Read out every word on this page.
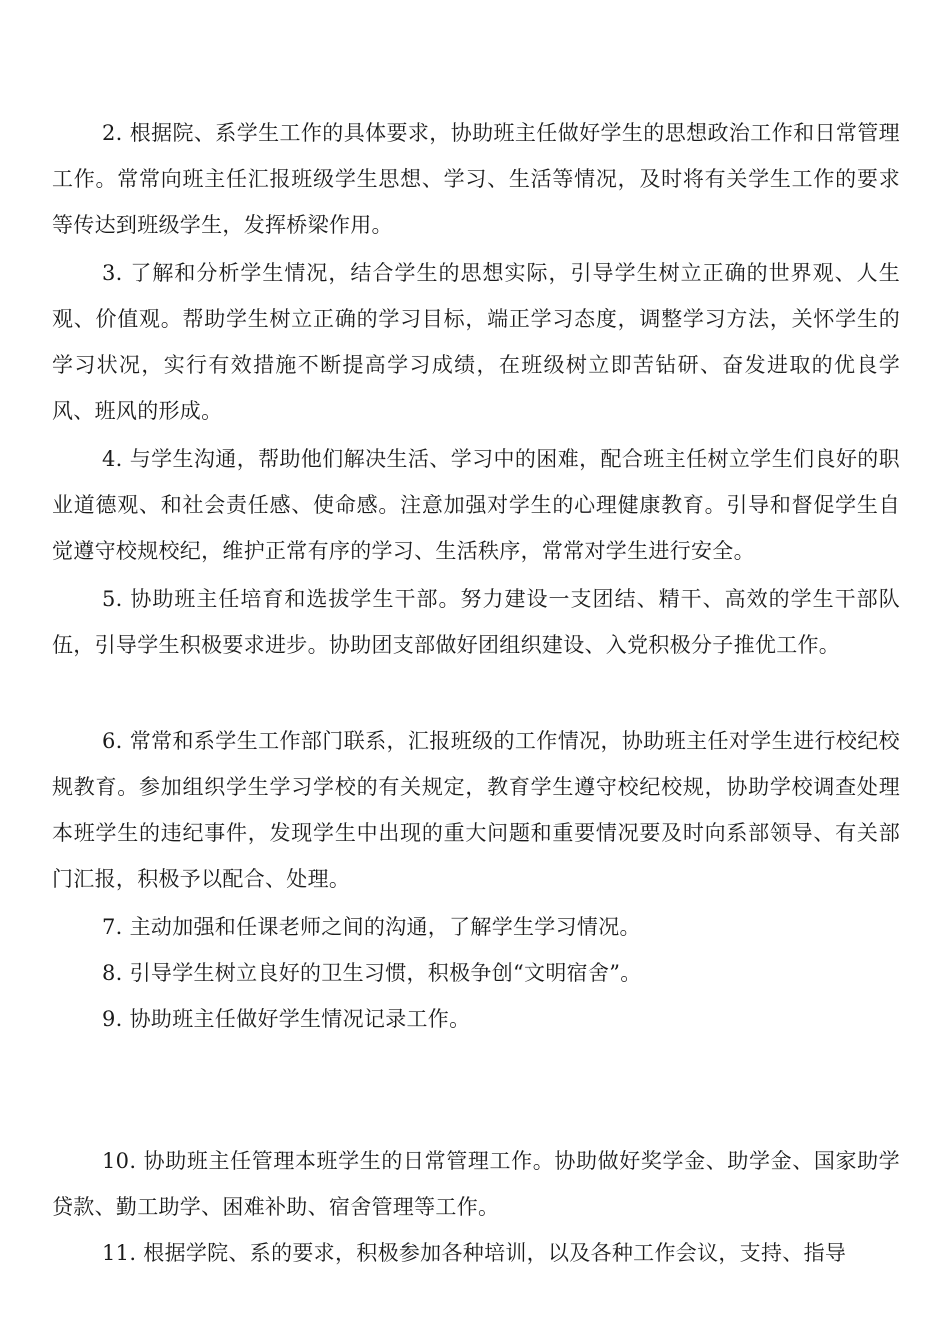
2. 根据院、系学生工作的具体要求，协助班主任做好学生的思想政治工作和日常管理工作。常常向班主任汇报班级学生思想、学习、生活等情况，及时将有关学生工作的要求等传达到班级学生，发挥桥梁作用。

3. 了解和分析学生情况，结合学生的思想实际，引导学生树立正确的世界观、人生观、价值观。帮助学生树立正确的学习目标，端正学习态度，调整学习方法，关怀学生的学习状况，实行有效措施不断提高学习成绩，在班级树立即苦钻研、奋发进取的优良学风、班风的形成。

4. 与学生沟通，帮助他们解决生活、学习中的困难，配合班主任树立学生们良好的职业道德观、和社会责任感、使命感。注意加强对学生的心理健康教育。引导和督促学生自觉遵守校规校纪，维护正常有序的学习、生活秩序，常常对学生进行安全。

5. 协助班主任培育和选拔学生干部。努力建设一支团结、精干、高效的学生干部队伍，引导学生积极要求进步。协助团支部做好团组织建设、入党积极分子推优工作。

6. 常常和系学生工作部门联系，汇报班级的工作情况，协助班主任对学生进行校纪校规教育。参加组织学生学习学校的有关规定，教育学生遵守校纪校规，协助学校调查处理本班学生的违纪事件，发现学生中出现的重大问题和重要情况要及时向系部领导、有关部门汇报，积极予以配合、处理。

7. 主动加强和任课老师之间的沟通，了解学生学习情况。

8. 引导学生树立良好的卫生习惯，积极争创“文明宿舍”。

9. 协助班主任做好学生情况记录工作。

10. 协助班主任管理本班学生的日常管理工作。协助做好奖学金、助学金、国家助学贷款、勤工助学、困难补助、宿舍管理等工作。

11. 根据学院、系的要求，积极参加各种培训，以及各种工作会议，支持、指导
